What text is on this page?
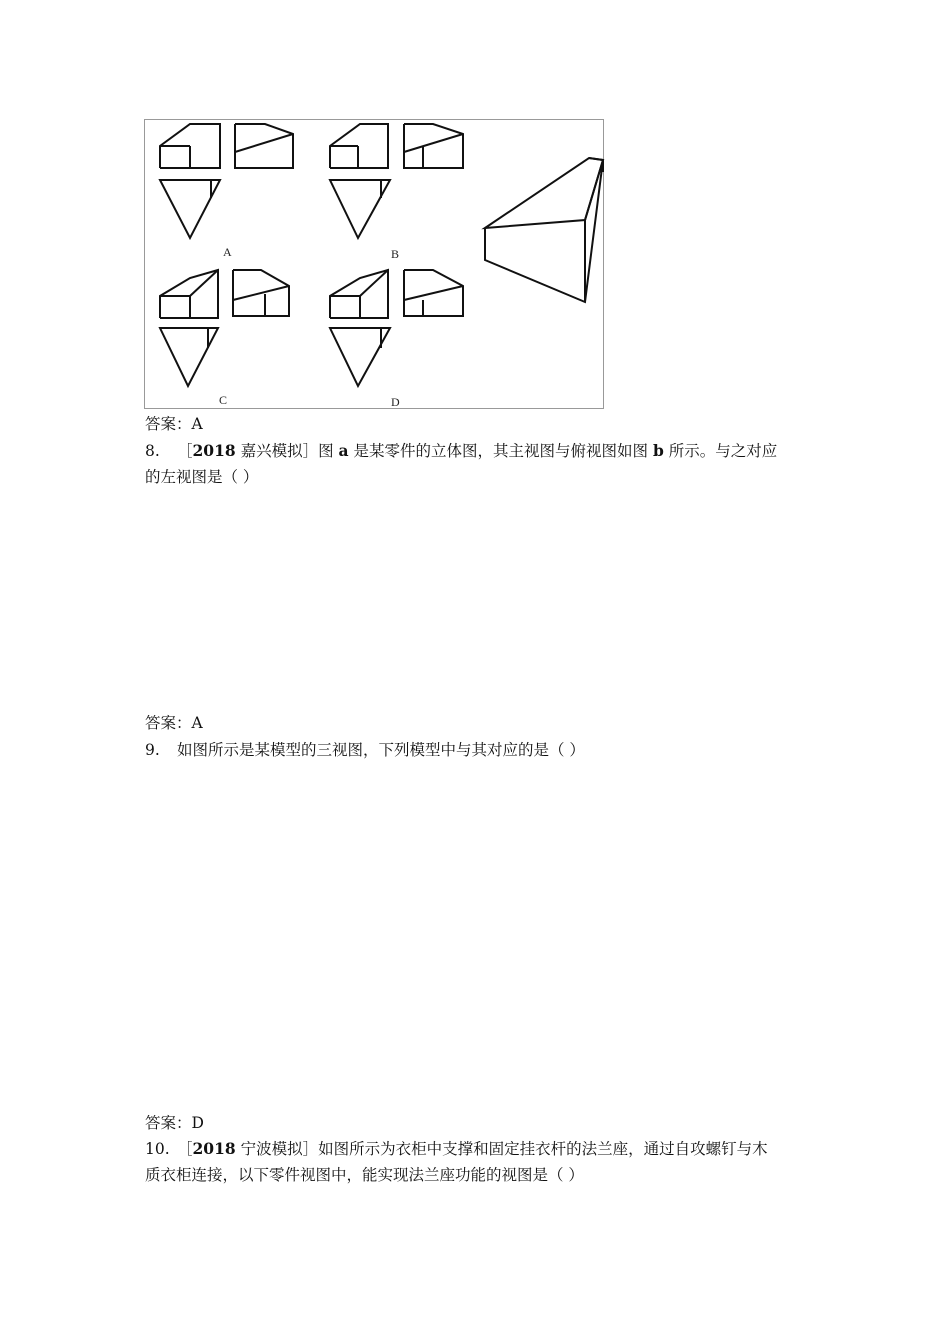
A	B
C	D
答案：A
8. ［2018 嘉兴模拟］图 a 是某零件的立体图，其主视图与俯视图如图 b 所示。与之对应
的左视图是（ ）
答案：A
9. 如图所示是某模型的三视图，下列模型中与其对应的是（ ）
答案：D
10. ［2018 宁波模拟］如图所示为衣柜中支撑和固定挂衣杆的法兰座，通过自攻螺钉与木
质衣柜连接，以下零件视图中，能实现法兰座功能的视图是（ ）
